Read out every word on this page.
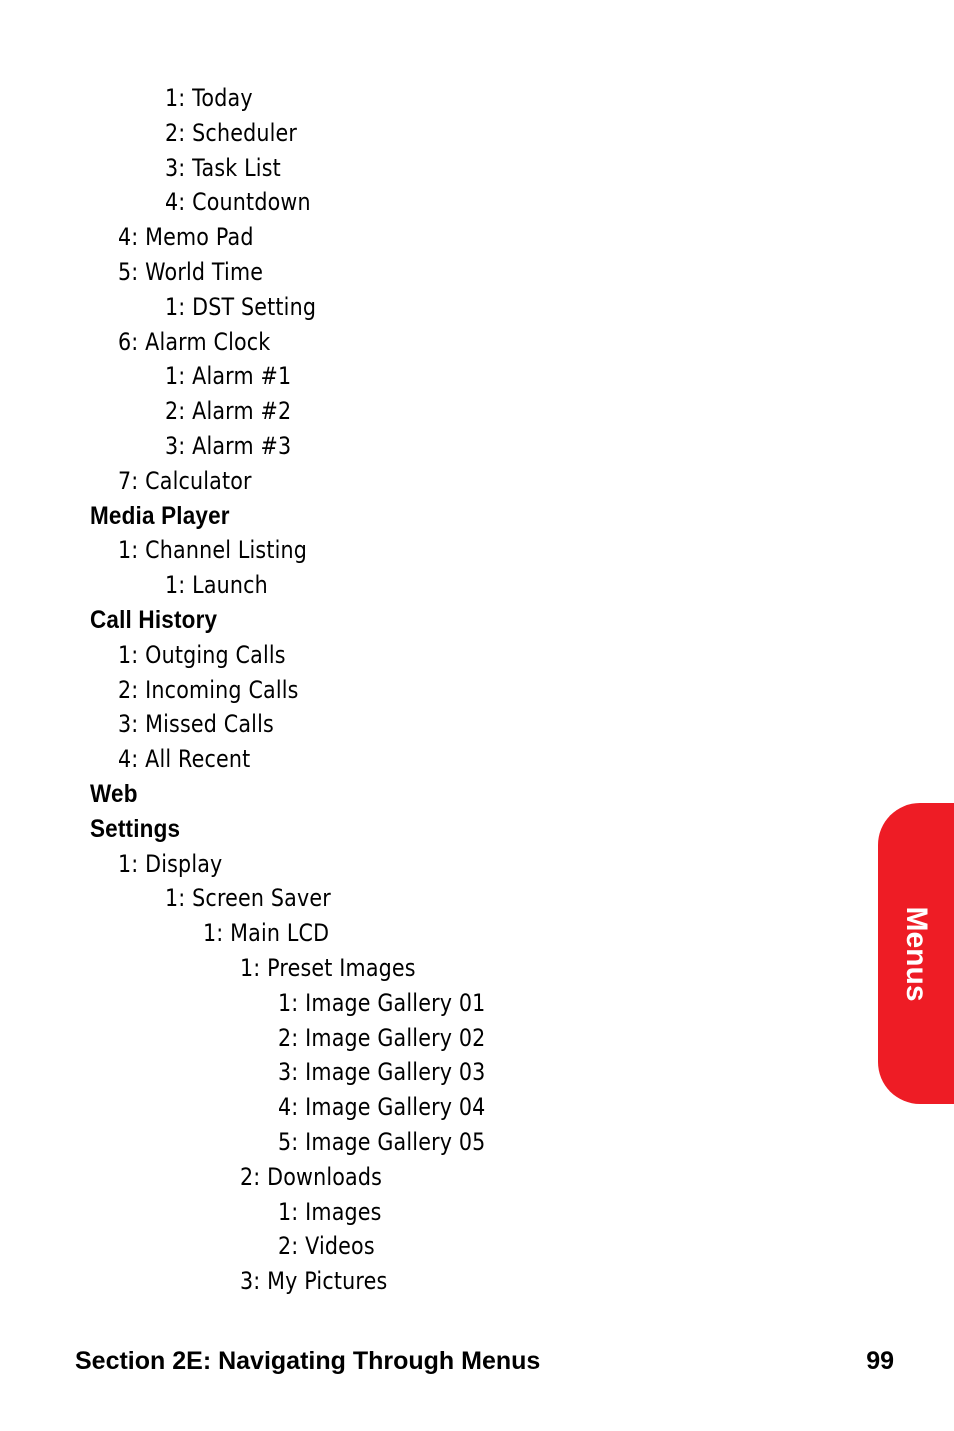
1: Today
2: Scheduler
3: Task List
4: Countdown
4: Memo Pad
5: World Time
1: DST Setting
6: Alarm Clock
1: Alarm #1
2: Alarm #2
3: Alarm #3
7: Calculator
Media Player
1: Channel Listing
1: Launch
Call History
1: Outging Calls
2: Incoming Calls
3: Missed Calls
4: All Recent
Web
Settings
1: Display
1: Screen Saver
1: Main LCD
1: Preset Images
1: Image Gallery 01
2: Image Gallery 02
3: Image Gallery 03
4: Image Gallery 04
5: Image Gallery 05
2: Downloads
1: Images
2: Videos
3: My Pictures
Menus
Section 2E: Navigating Through Menus	99
